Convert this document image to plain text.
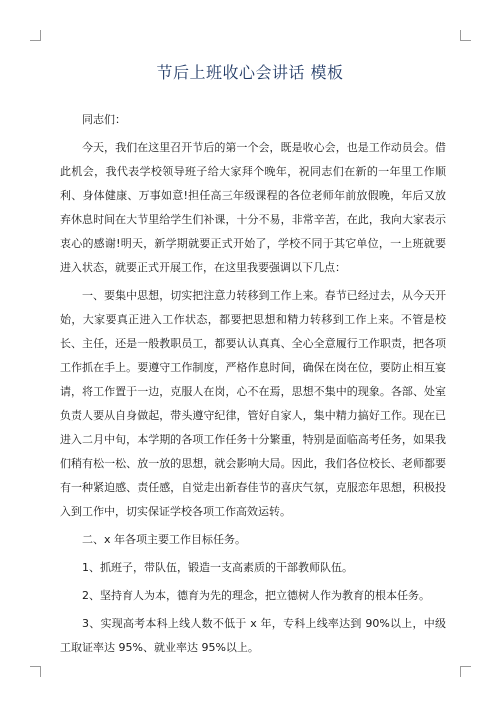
节后上班收心会讲话 模板

同志们：

今天，我们在这里召开节后的第一个会，既是收心会，也是工作动员会。借此机会，我代表学校领导班子给大家拜个晚年，祝同志们在新的一年里工作顺利、身体健康、万事如意!担任高三年级课程的各位老师年前放假晚，年后又放弃休息时间在大节里给学生们补课，十分不易，非常辛苦，在此，我向大家表示衷心的感谢!明天，新学期就要正式开始了，学校不同于其它单位，一上班就要进入状态，就要正式开展工作，在这里我要强调以下几点：

一、要集中思想，切实把注意力转移到工作上来。春节已经过去，从今天开始，大家要真正进入工作状态，都要把思想和精力转移到工作上来。不管是校长、主任，还是一般教职员工，都要认认真真、全心全意履行工作职责，把各项工作抓在手上。要遵守工作制度，严格作息时间，确保在岗在位，要防止相互宴请，将工作置于一边，克服人在岗，心不在焉，思想不集中的现象。各部、处室负责人要从自身做起，带头遵守纪律，管好自家人，集中精力搞好工作。现在已进入二月中旬，本学期的各项工作任务十分繁重，特别是面临高考任务，如果我们稍有松一松、放一放的思想，就会影响大局。因此，我们各位校长、老师都要有一种紧迫感、责任感，自觉走出新春佳节的喜庆气氛，克服恋年思想，积极投入到工作中，切实保证学校各项工作高效运转。

二、x 年各项主要工作目标任务。

1、抓班子，带队伍，锻造一支高素质的干部教师队伍。

2、坚持育人为本，德育为先的理念，把立德树人作为教育的根本任务。

3、实现高考本科上线人数不低于 x 年，专科上线率达到 90%以上，中级工取证率达 95%、就业率达 95%以上。
